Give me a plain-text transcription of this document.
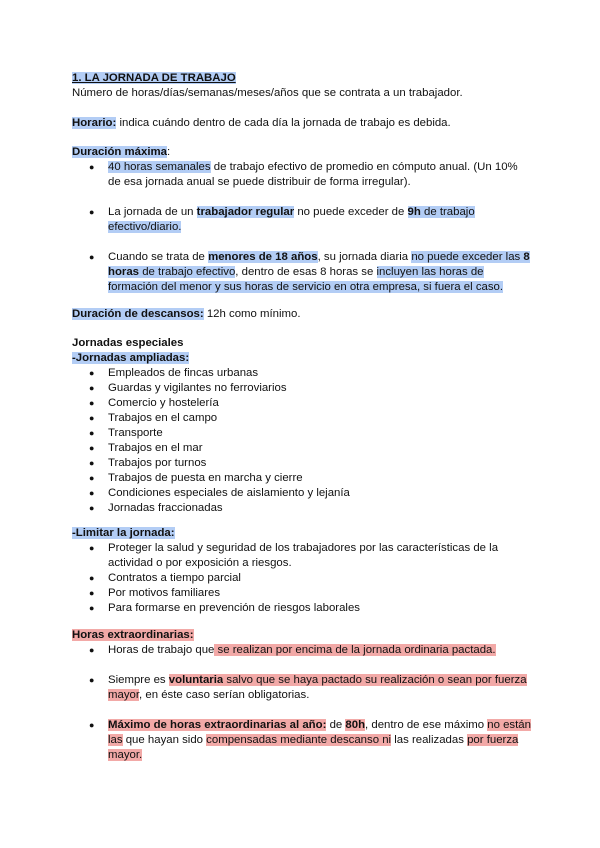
1. LA JORNADA DE TRABAJO

Número de horas/días/semanas/meses/años que se contrata a un trabajador.

Horario: indica cuándo dentro de cada día la jornada de trabajo es debida.

Duración máxima:

● 40 horas semanales de trabajo efectivo de promedio en cómputo anual. (Un 10% de esa jornada anual se puede distribuir de forma irregular).
● La jornada de un trabajador regular no puede exceder de 9h de trabajo efectivo/diario.
● Cuando se trata de menores de 18 años, su jornada diaria no puede exceder las 8 horas de trabajo efectivo, dentro de esas 8 horas se incluyen las horas de formación del menor y sus horas de servicio en otra empresa, si fuera el caso.

Duración de descansos: 12h como mínimo.

Jornadas especiales

-Jornadas ampliadas:

● Empleados de fincas urbanas
● Guardas y vigilantes no ferroviarios
● Comercio y hostelería
● Trabajos en el campo
● Transporte
● Trabajos en el mar
● Trabajos por turnos
● Trabajos de puesta en marcha y cierre
● Condiciones especiales de aislamiento y lejanía
● Jornadas fraccionadas

-Limitar la jornada:

● Proteger la salud y seguridad de los trabajadores por las características de la actividad o por exposición a riesgos.
● Contratos a tiempo parcial
● Por motivos familiares
● Para formarse en prevención de riesgos laborales

Horas extraordinarias:

● Horas de trabajo que se realizan por encima de la jornada ordinaria pactada.
● Siempre es voluntaria salvo que se haya pactado su realización o sean por fuerza mayor, en éste caso serían obligatorias.
● Máximo de horas extraordinarias al año: de 80h, dentro de ese máximo no están las que hayan sido compensadas mediante descanso ni las realizadas por fuerza mayor.
